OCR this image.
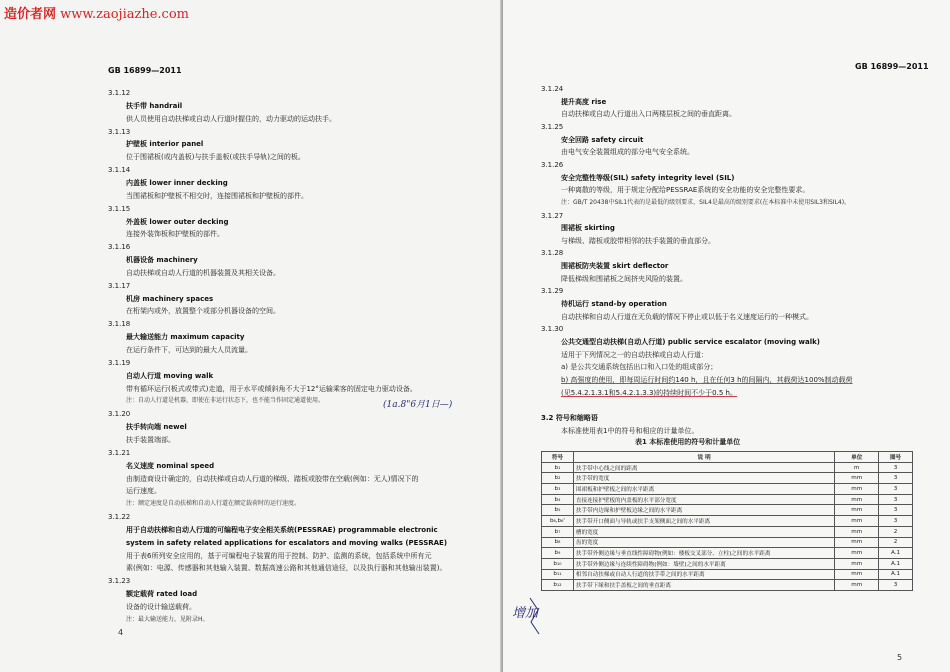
造价者网 www.zaojiazhe.com
GB 16899—2011
3.1.12
扶手带 handrail
供人员使用自动扶梯或自动人行道时握住的，动力驱动的运动扶手。
3.1.13
护壁板 interior panel
位于围裙板(或内盖板)与扶手盖板(或扶手导轨)之间的板。
3.1.14
内盖板 lower inner decking
当围裙板和护壁板不相交时，连接围裙板和护壁板的部件。
3.1.15
外盖板 lower outer decking
连接外装饰板和护壁板的部件。
3.1.16
机器设备 machinery
自动扶梯或自动人行道的机器装置及其相关设备。
3.1.17
机房 machinery spaces
在桁架内或外，放置整个或部分机器设备的空间。
3.1.18
最大输送能力 maximum capacity
在运行条件下，可达到的最大人员流量。
3.1.19
自动人行道 moving walk
带有循环运行(板式或带式)走道，用于水平或倾斜角不大于12°运输乘客的固定电力驱动设备。
注：自动人行道是机器，即使在非运行状态下，也不能当作固定通道使用。
3.1.20
扶手转向端 newel
扶手装置端部。
3.1.21
名义速度 nominal speed
由制造商设计确定的，自动扶梯或自动人行道的梯级、踏板或胶带在空载(例如：无人)情况下的
运行速度。
注：额定速度是自动扶梯和自动人行道在额定载荷时的运行速度。
3.1.22
用于自动扶梯和自动人行道的可编程电子安全相关系统(PESSRAE) programmable electronic
system in safety related applications for escalators and moving walks (PESSRAE)
用于表6所列安全应用的，基于可编程电子装置的用于控制、防护、监测的系统，包括系统中所有元
素(例如：电源、传感器和其他输入装置、数据高速公路和其他通信途径，以及执行器和其他输出装置)。
3.1.23
额定载荷 rated load
设备的设计输送载荷。
注：最大输送能力，见附录H。
(1a.8"6月1日—)
4
GB 16899—2011
5
3.1.24
提升高度 rise
自动扶梯或自动人行道出入口两楼层板之间的垂直距离。
3.1.25
安全回路 safety circuit
由电气安全装置组成的部分电气安全系统。
3.1.26
安全完整性等级(SIL) safety integrity level (SIL)
一种离散的等级，用于规定分配给PESSRAE系统的安全功能的安全完整性要求。
注：GB/T 20438中SIL1代表的是最低的级别要求，SIL4是最高的级别要求(在本标准中未使用SIL3和SIL4)。
3.1.27
围裙板 skirting
与梯级、踏板或胶带相邻的扶手装置的垂直部分。
3.1.28
围裙板防夹装置 skirt deflector
降低梯级和围裙板之间挤夹风险的装置。
3.1.29
待机运行 stand-by operation
自动扶梯和自动人行道在无负载的情况下停止或以低于名义速度运行的一种模式。
3.1.30
公共交通型自动扶梯(自动人行道) public service escalator (moving walk)
适用于下列情况之一的自动扶梯或自动人行道：
a) 是公共交通系统包括出口和入口处的组成部分；
b) 高强度的使用，即每周运行时间约140 h，且在任何3 h的间隔内，其载荷达100%制动载荷
(见5.4.2.1.3.1和5.4.2.1.3.3)的持续时间不少于0.5 h。
3.2 符号和缩略语
本标准使用表1中的符号和相应的计量单位。
表1 本标准使用的符号和计量单位
符号	说 明	单位	图号
b₁	扶手带中心线之间的距离	m	3
b₂	扶手带的宽度	mm	3
b₃	围裙板和护壁板之间的水平距离	mm	3
b₄	直接连接护壁板的内盖板的水平部分宽度	mm	3
b₅	扶手带内边缘和护壁板边缘之间的水平距离	mm	3
b₆,b₆'	扶手带开口侧面与导轨或扶手支架侧面之间的水平距离	mm	3
b₇	槽的宽度	mm	2
b₈	齿的宽度	mm	2
b₉	扶手带外侧边缘与垂直线性障碍物(例如：楼板交叉部分、立柱)之间的水平距离	mm	A.1
b₁₀	扶手带外侧边缘与连续性障碍物(例如：墙壁)之间的水平距离	mm	A.1
b₁₁	相邻自动扶梯或自动人行道的扶手带之间的水平距离	mm	A.1
b₁₂	扶手带下缘和扶手盖板之间的垂直距离	mm	3
增加
